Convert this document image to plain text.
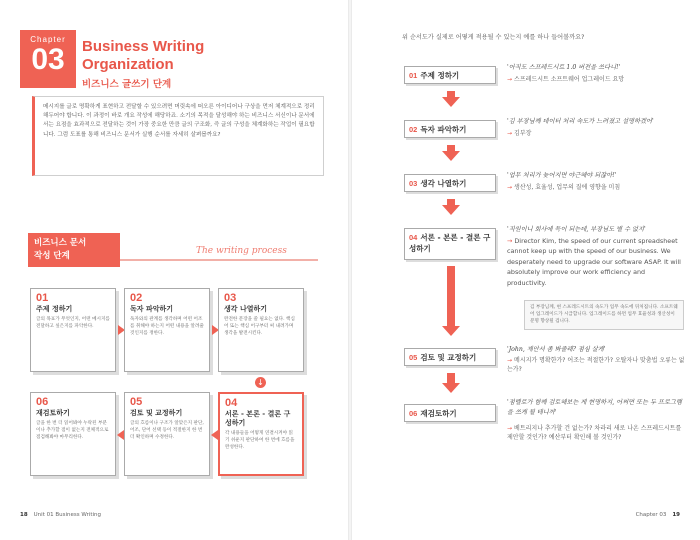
Chapter
03	Business Writing
Organization
비즈니스 글쓰기 단계
메시지를 글로 명확하게 표현하고 전달할 수 있으려면 머릿속에 떠오른 아이디어나 구상을 먼저 체계적으로 정리해두어야 합니다. 이 과정이 바로 개요 작성에 해당하죠. 소기의 목적을 달성해야 하는 비즈니스 서신이나 문서에서는 요점을 효과적으로 전달하는 것이 가장 중요한 만큼 글의 구조화, 즉 글의 구성을 체계화하는 작업이 필요합니다. 그럼 도표를 통해 비즈니스 문서가 실행 순서를 자세히 살펴봅까요?
비즈니스 문서
작성 단계	The writing process
01
주제 정하기
글의 목표가 무엇인지, 어떤 메시지를 전달하고 싶은지를 파악한다.
02
독자 파악하기
독자와의 관계를 생각하며 어떤 어조를 취해야 하는지 어떤 내용을 알려줄 것인지를 정한다.
03
생각 나열하기
완전한 문장을 쓸 필요는 없다. 핵심어 또는 핵심 어구부터 써 내려가며 생각을 발전시킨다.
↓
06
재검토하기
글을 한 번 더 읽어봐야 누락된 부분이나 추가할 점이 없는지 전체적으로 점검해봐야 마무리한다.
05
검토 및 교정하기
글의 흐름이나 구조가 알맞은지 판단, 어조, 단어 선택 등이 적절한지 한 번 더 확인하며 수정한다.
04
서론 - 본론 - 결론 구성하기
각 내용들을 어떻게 연결시켜야 읽기 쉬운지 판단하여 한 번에 흐름을 완성한다.
18 Unit 01 Business Writing
위 순서도가 실제로 어떻게 적용될 수 있는지 예를 하나 들어볼까요?
01 주제 정하기
'아직도 스프레드시트 1.0 버전을 쓰다니!'
→ 스프레드시트 소프트웨어 업그레이드 요망
02 독자 파악하기
'김 부장님께 데이터 처리 속도가 느려졌고 설명하겠어'
→ 김부장
03 생각 나열하기
'업무 처리가 늦어지면 야근해야 되잖아!'
→ 생산성, 효율성, 업무의 질에 영향을 미침
04 서론 - 본론 - 결론 구성하기
'직원이니 회사에 득이 되는데, 부장님도 별 수 없지'
→ Director Kim, the speed of our current spreadsheet cannot keep up with the speed of our business. We desperately need to upgrade our software ASAP. It will absolutely improve our work efficiency and productivity.
김 부장님께, 현 스프레드시트의 속도가 업무 속도에 뒤처집니다. 소프트웨어 업그레이드가 시급합니다. 업그레이드를 하면 업무 효율성과 생산성이 분명 향상될 겁니다.
05 검토 및 교정하기
'John, 제안서 좀 봐줄래? 점심 살게'
→ 메시지가 명확한가? 어조는 적절한가? 오탈자나 맞춤법 오류는 없는가?
06 재검토하기
'점렐로가 함께 검토해보는 게 현명하지, 어쩌면 또는 두 프로그램을 쓰게 될 테니까'
→ 베트리지나 추가할 건 없는가? 차라리 새로 나온 스프레드시트를 제안할 것인가? 예산부터 확인해 볼 것인가?
Chapter 03 19
